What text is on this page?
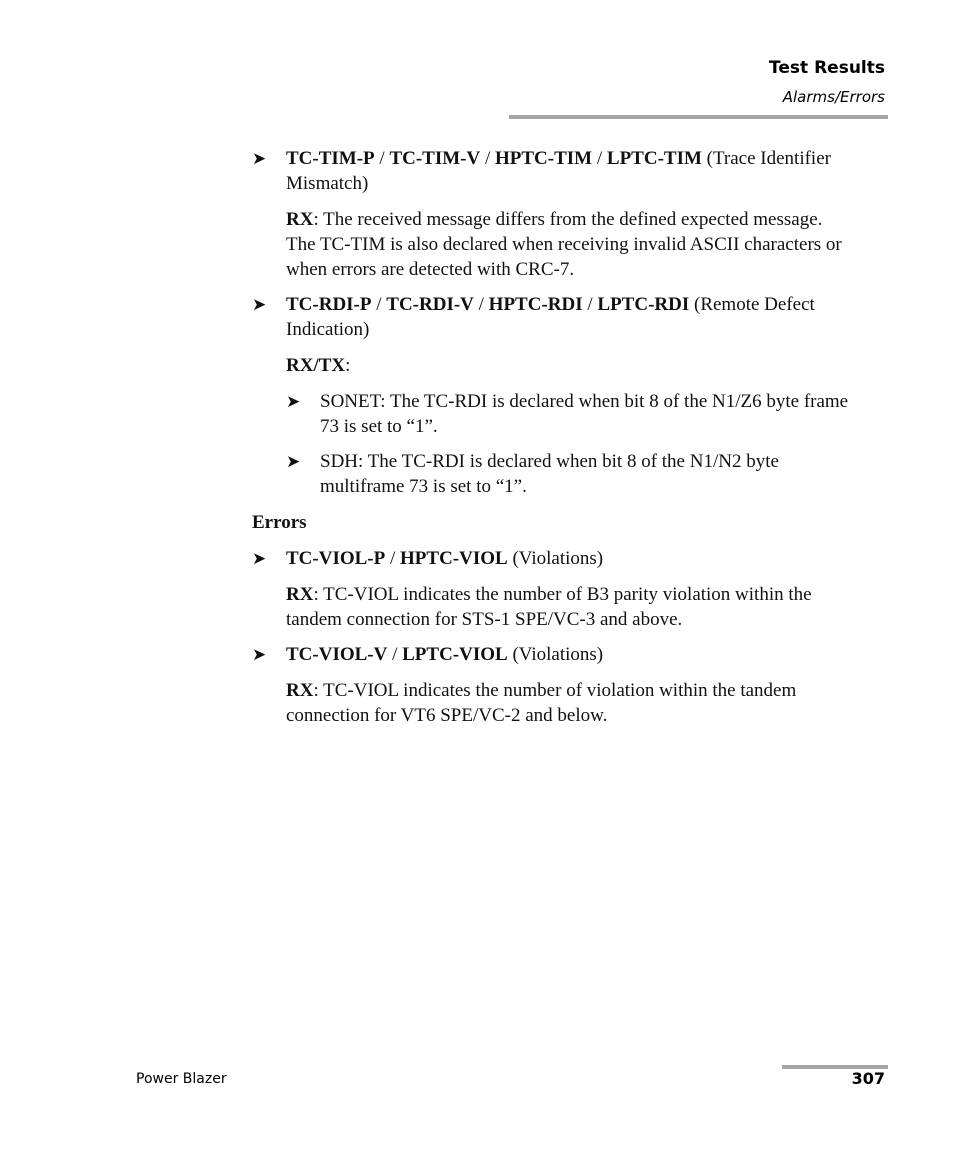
Test Results
Alarms/Errors
➤ TC-TIM-P / TC-TIM-V / HPTC-TIM / LPTC-TIM (Trace Identifier
Mismatch)
RX: The received message differs from the defined expected message.
The TC-TIM is also declared when receiving invalid ASCII characters or
when errors are detected with CRC-7.
➤ TC-RDI-P / TC-RDI-V / HPTC-RDI / LPTC-RDI (Remote Defect
Indication)
RX/TX:
➤ SONET: The TC-RDI is declared when bit 8 of the N1/Z6 byte frame
73 is set to “1”.
➤ SDH: The TC-RDI is declared when bit 8 of the N1/N2 byte
multiframe 73 is set to “1”.
Errors
➤ TC-VIOL-P / HPTC-VIOL (Violations)
RX: TC-VIOL indicates the number of B3 parity violation within the
tandem connection for STS-1 SPE/VC-3 and above.
➤ TC-VIOL-V / LPTC-VIOL (Violations)
RX: TC-VIOL indicates the number of violation within the tandem
connection for VT6 SPE/VC-2 and below.
Power Blazer	307
